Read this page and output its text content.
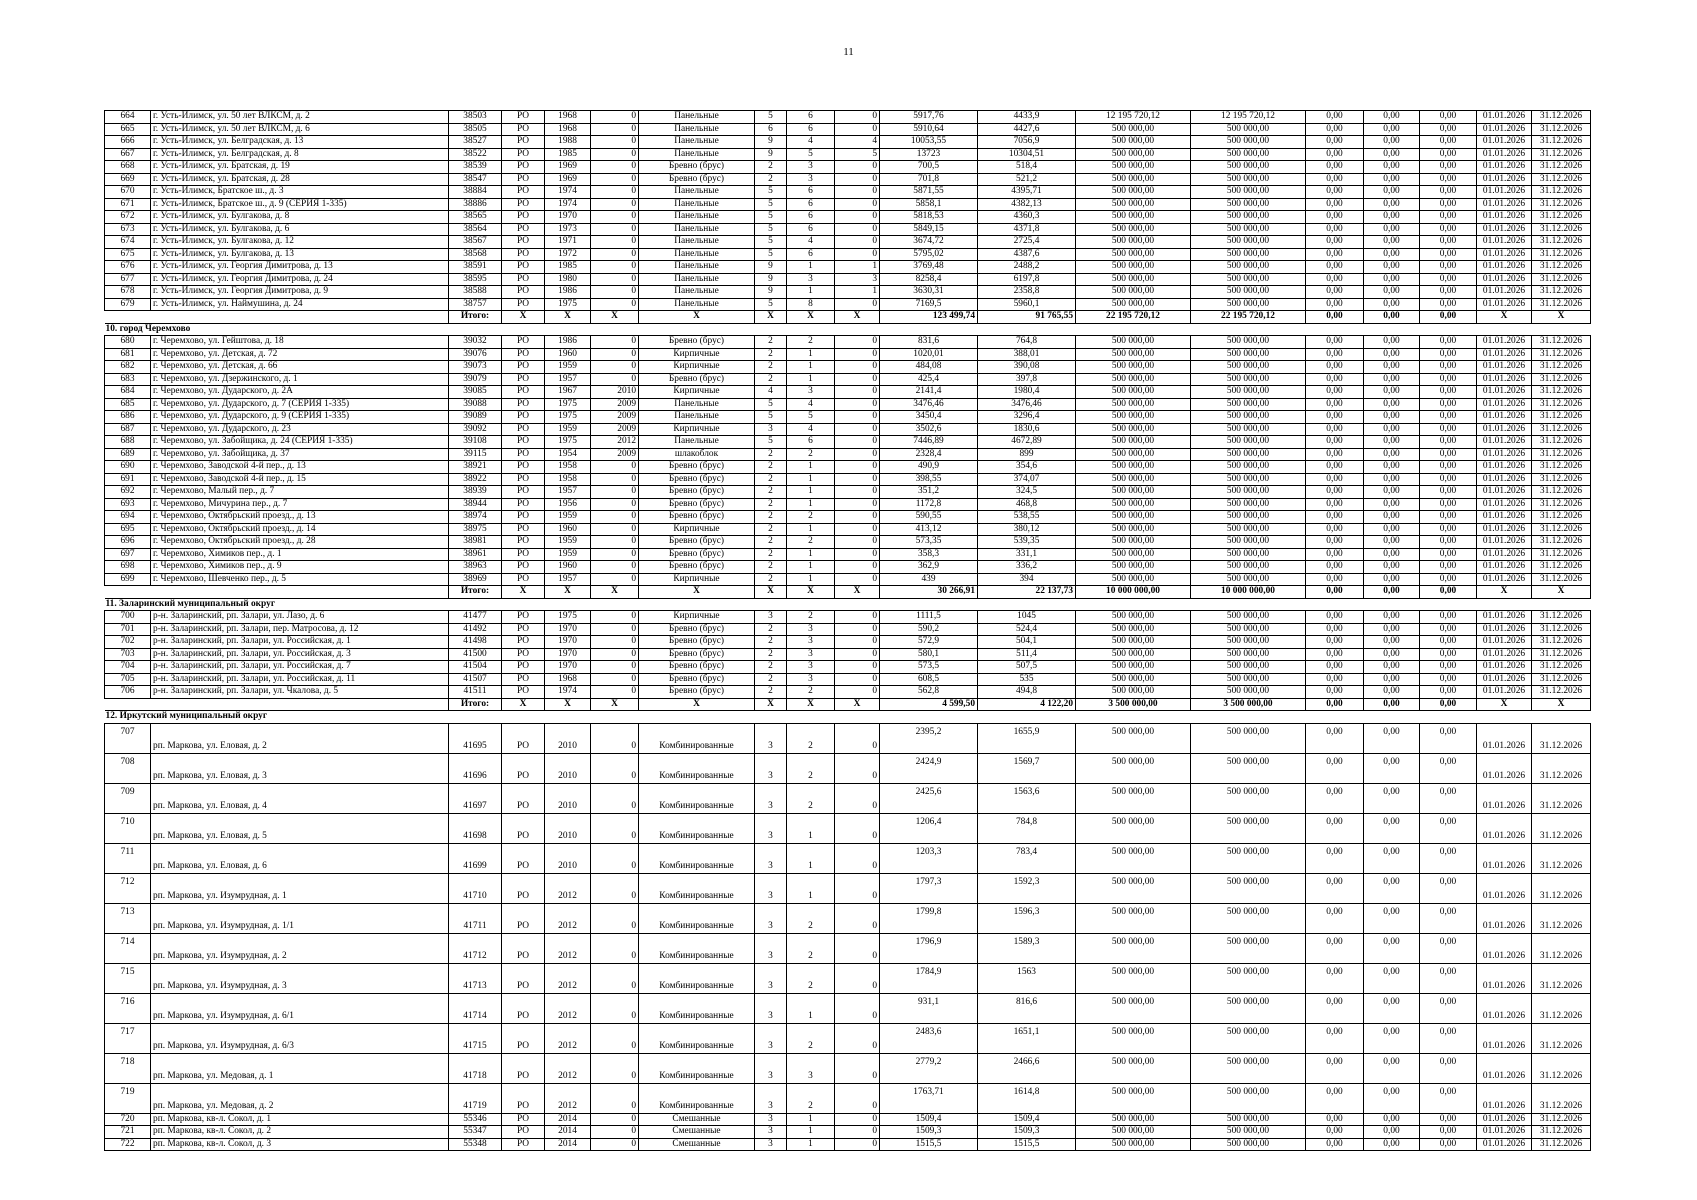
11
664	г. Усть-Илимск, ул. 50 лет ВЛКСМ, д. 2	38503	РО	1968	0	Панельные	5	6	0	5917,76	4433,9	12 195 720,12	12 195 720,12	0,00	0,00	0,00	01.01.2026	31.12.2026
665	г. Усть-Илимск, ул. 50 лет ВЛКСМ, д. 6	38505	РО	1968	0	Панельные	6	6	0	5910,64	4427,6	500 000,00	500 000,00	0,00	0,00	0,00	01.01.2026	31.12.2026
666	г. Усть-Илимск, ул. Белградская, д. 13	38527	РО	1988	0	Панельные	9	4	4	10053,55	7056,9	500 000,00	500 000,00	0,00	0,00	0,00	01.01.2026	31.12.2026
667	г. Усть-Илимск, ул. Белградская, д. 8	38522	РО	1985	0	Панельные	9	5	5	13723	10304,51	500 000,00	500 000,00	0,00	0,00	0,00	01.01.2026	31.12.2026
668	г. Усть-Илимск, ул. Братская, д. 19	38539	РО	1969	0	Бревно (брус)	2	3	0	700,5	518,4	500 000,00	500 000,00	0,00	0,00	0,00	01.01.2026	31.12.2026
669	г. Усть-Илимск, ул. Братская, д. 28	38547	РО	1969	0	Бревно (брус)	2	3	0	701,8	521,2	500 000,00	500 000,00	0,00	0,00	0,00	01.01.2026	31.12.2026
670	г. Усть-Илимск, Братское ш., д. 3	38884	РО	1974	0	Панельные	5	6	0	5871,55	4395,71	500 000,00	500 000,00	0,00	0,00	0,00	01.01.2026	31.12.2026
671	г. Усть-Илимск, Братское ш., д. 9 (СЕРИЯ 1-335)	38886	РО	1974	0	Панельные	5	6	0	5858,1	4382,13	500 000,00	500 000,00	0,00	0,00	0,00	01.01.2026	31.12.2026
672	г. Усть-Илимск, ул. Булгакова, д. 8	38565	РО	1970	0	Панельные	5	6	0	5818,53	4360,3	500 000,00	500 000,00	0,00	0,00	0,00	01.01.2026	31.12.2026
673	г. Усть-Илимск, ул. Булгакова, д. 6	38564	РО	1973	0	Панельные	5	6	0	5849,15	4371,8	500 000,00	500 000,00	0,00	0,00	0,00	01.01.2026	31.12.2026
674	г. Усть-Илимск, ул. Булгакова, д. 12	38567	РО	1971	0	Панельные	5	4	0	3674,72	2725,4	500 000,00	500 000,00	0,00	0,00	0,00	01.01.2026	31.12.2026
675	г. Усть-Илимск, ул. Булгакова, д. 13	38568	РО	1972	0	Панельные	5	6	0	5795,02	4387,6	500 000,00	500 000,00	0,00	0,00	0,00	01.01.2026	31.12.2026
676	г. Усть-Илимск, ул. Георгия Димитрова, д. 13	38591	РО	1985	0	Панельные	9	1	1	3769,48	2488,2	500 000,00	500 000,00	0,00	0,00	0,00	01.01.2026	31.12.2026
677	г. Усть-Илимск, ул. Георгия Димитрова, д. 24	38595	РО	1980	0	Панельные	9	3	3	8258,4	6197,8	500 000,00	500 000,00	0,00	0,00	0,00	01.01.2026	31.12.2026
678	г. Усть-Илимск, ул. Георгия Димитрова, д. 9	38588	РО	1986	0	Панельные	9	1	1	3630,31	2358,8	500 000,00	500 000,00	0,00	0,00	0,00	01.01.2026	31.12.2026
679	г. Усть-Илимск, ул. Наймушина, д. 24	38757	РО	1975	0	Панельные	5	8	0	7169,5	5960,1	500 000,00	500 000,00	0,00	0,00	0,00	01.01.2026	31.12.2026
		Итого:	X	X	X	X	X	X	X	123 499,74	91 765,55	22 195 720,12	22 195 720,12	0,00	0,00	0,00	X	X
10. город Черемхово																		
680	г. Черемхово, ул. Гейштова, д. 18	39032	РО	1986	0	Бревно (брус)	2	2	0	831,6	764,8	500 000,00	500 000,00	0,00	0,00	0,00	01.01.2026	31.12.2026
681	г. Черемхово, ул. Детская, д. 72	39076	РО	1960	0	Кирпичные	2	1	0	1020,01	388,01	500 000,00	500 000,00	0,00	0,00	0,00	01.01.2026	31.12.2026
682	г. Черемхово, ул. Детская, д. 66	39073	РО	1959	0	Кирпичные	2	1	0	484,08	390,08	500 000,00	500 000,00	0,00	0,00	0,00	01.01.2026	31.12.2026
683	г. Черемхово, ул. Дзержинского, д. 1	39079	РО	1957	0	Бревно (брус)	2	1	0	425,4	397,8	500 000,00	500 000,00	0,00	0,00	0,00	01.01.2026	31.12.2026
684	г. Черемхово, ул. Дударского, д. 2А	39085	РО	1967	2010	Кирпичные	4	3	0	2141,4	1980,4	500 000,00	500 000,00	0,00	0,00	0,00	01.01.2026	31.12.2026
685	г. Черемхово, ул. Дударского, д. 7 (СЕРИЯ 1-335)	39088	РО	1975	2009	Панельные	5	4	0	3476,46	3476,46	500 000,00	500 000,00	0,00	0,00	0,00	01.01.2026	31.12.2026
686	г. Черемхово, ул. Дударского, д. 9 (СЕРИЯ 1-335)	39089	РО	1975	2009	Панельные	5	5	0	3450,4	3296,4	500 000,00	500 000,00	0,00	0,00	0,00	01.01.2026	31.12.2026
687	г. Черемхово, ул. Дударского, д. 23	39092	РО	1959	2009	Кирпичные	3	4	0	3502,6	1830,6	500 000,00	500 000,00	0,00	0,00	0,00	01.01.2026	31.12.2026
688	г. Черемхово, ул. Забойщика, д. 24 (СЕРИЯ 1-335)	39108	РО	1975	2012	Панельные	5	6	0	7446,89	4672,89	500 000,00	500 000,00	0,00	0,00	0,00	01.01.2026	31.12.2026
689	г. Черемхово, ул. Забойщика, д. 37	39115	РО	1954	2009	шлакоблок	2	2	0	2328,4	899	500 000,00	500 000,00	0,00	0,00	0,00	01.01.2026	31.12.2026
690	г. Черемхово, Заводской 4-й пер., д. 13	38921	РО	1958	0	Бревно (брус)	2	1	0	490,9	354,6	500 000,00	500 000,00	0,00	0,00	0,00	01.01.2026	31.12.2026
691	г. Черемхово, Заводской 4-й пер., д. 15	38922	РО	1958	0	Бревно (брус)	2	1	0	398,55	374,07	500 000,00	500 000,00	0,00	0,00	0,00	01.01.2026	31.12.2026
692	г. Черемхово, Малый пер., д. 7	38939	РО	1957	0	Бревно (брус)	2	1	0	351,2	324,5	500 000,00	500 000,00	0,00	0,00	0,00	01.01.2026	31.12.2026
693	г. Черемхово, Мичурина пер., д. 7	38944	РО	1956	0	Бревно (брус)	2	1	0	1172,8	468,8	500 000,00	500 000,00	0,00	0,00	0,00	01.01.2026	31.12.2026
694	г. Черемхово, Октябрьский проезд., д. 13	38974	РО	1959	0	Бревно (брус)	2	2	0	590,55	538,55	500 000,00	500 000,00	0,00	0,00	0,00	01.01.2026	31.12.2026
695	г. Черемхово, Октябрьский проезд., д. 14	38975	РО	1960	0	Кирпичные	2	1	0	413,12	380,12	500 000,00	500 000,00	0,00	0,00	0,00	01.01.2026	31.12.2026
696	г. Черемхово, Октябрьский проезд., д. 28	38981	РО	1959	0	Бревно (брус)	2	2	0	573,35	539,35	500 000,00	500 000,00	0,00	0,00	0,00	01.01.2026	31.12.2026
697	г. Черемхово, Химиков пер., д. 1	38961	РО	1959	0	Бревно (брус)	2	1	0	358,3	331,1	500 000,00	500 000,00	0,00	0,00	0,00	01.01.2026	31.12.2026
698	г. Черемхово, Химиков пер., д. 9	38963	РО	1960	0	Бревно (брус)	2	1	0	362,9	336,2	500 000,00	500 000,00	0,00	0,00	0,00	01.01.2026	31.12.2026
699	г. Черемхово, Шевченко пер., д. 5	38969	РО	1957	0	Кирпичные	2	1	0	439	394	500 000,00	500 000,00	0,00	0,00	0,00	01.01.2026	31.12.2026
		Итого:	X	X	X	X	X	X	X	30 266,91	22 137,73	10 000 000,00	10 000 000,00	0,00	0,00	0,00	X	X
11. Заларинский муниципальный округ																		
700	р-н. Заларинский, рп. Залари, ул. Лазо, д. 6	41477	РО	1975	0	Кирпичные	3	2	0	1111,5	1045	500 000,00	500 000,00	0,00	0,00	0,00	01.01.2026	31.12.2026
701	р-н. Заларинский, рп. Залари, пер. Матросова, д. 12	41492	РО	1970	0	Бревно (брус)	2	3	0	590,2	524,4	500 000,00	500 000,00	0,00	0,00	0,00	01.01.2026	31.12.2026
702	р-н. Заларинский, рп. Залари, ул. Российская, д. 1	41498	РО	1970	0	Бревно (брус)	2	3	0	572,9	504,1	500 000,00	500 000,00	0,00	0,00	0,00	01.01.2026	31.12.2026
703	р-н. Заларинский, рп. Залари, ул. Российская, д. 3	41500	РО	1970	0	Бревно (брус)	2	3	0	580,1	511,4	500 000,00	500 000,00	0,00	0,00	0,00	01.01.2026	31.12.2026
704	р-н. Заларинский, рп. Залари, ул. Российская, д. 7	41504	РО	1970	0	Бревно (брус)	2	3	0	573,5	507,5	500 000,00	500 000,00	0,00	0,00	0,00	01.01.2026	31.12.2026
705	р-н. Заларинский, рп. Залари, ул. Российская, д. 11	41507	РО	1968	0	Бревно (брус)	2	3	0	608,5	535	500 000,00	500 000,00	0,00	0,00	0,00	01.01.2026	31.12.2026
706	р-н. Заларинский, рп. Залари, ул. Чкалова, д. 5	41511	РО	1974	0	Бревно (брус)	2	2	0	562,8	494,8	500 000,00	500 000,00	0,00	0,00	0,00	01.01.2026	31.12.2026
		Итого:	X	X	X	X	X	X	X	4 599,50	4 122,20	3 500 000,00	3 500 000,00	0,00	0,00	0,00	X	X
12. Иркутский муниципальный округ																		
707	рп. Маркова, ул. Еловая, д. 2	41695	РО	2010	0	Комбинированные	3	2	0	2395,2	1655,9	500 000,00	500 000,00	0,00	0,00	0,00	01.01.2026	31.12.2026
708	рп. Маркова, ул. Еловая, д. 3	41696	РО	2010	0	Комбинированные	3	2	0	2424,9	1569,7	500 000,00	500 000,00	0,00	0,00	0,00	01.01.2026	31.12.2026
709	рп. Маркова, ул. Еловая, д. 4	41697	РО	2010	0	Комбинированные	3	2	0	2425,6	1563,6	500 000,00	500 000,00	0,00	0,00	0,00	01.01.2026	31.12.2026
710	рп. Маркова, ул. Еловая, д. 5	41698	РО	2010	0	Комбинированные	3	1	0	1206,4	784,8	500 000,00	500 000,00	0,00	0,00	0,00	01.01.2026	31.12.2026
711	рп. Маркова, ул. Еловая, д. 6	41699	РО	2010	0	Комбинированные	3	1	0	1203,3	783,4	500 000,00	500 000,00	0,00	0,00	0,00	01.01.2026	31.12.2026
712	рп. Маркова, ул. Изумрудная, д. 1	41710	РО	2012	0	Комбинированные	3	1	0	1797,3	1592,3	500 000,00	500 000,00	0,00	0,00	0,00	01.01.2026	31.12.2026
713	рп. Маркова, ул. Изумрудная, д. 1/1	41711	РО	2012	0	Комбинированные	3	2	0	1799,8	1596,3	500 000,00	500 000,00	0,00	0,00	0,00	01.01.2026	31.12.2026
714	рп. Маркова, ул. Изумрудная, д. 2	41712	РО	2012	0	Комбинированные	3	2	0	1796,9	1589,3	500 000,00	500 000,00	0,00	0,00	0,00	01.01.2026	31.12.2026
715	рп. Маркова, ул. Изумрудная, д. 3	41713	РО	2012	0	Комбинированные	3	2	0	1784,9	1563	500 000,00	500 000,00	0,00	0,00	0,00	01.01.2026	31.12.2026
716	рп. Маркова, ул. Изумрудная, д. 6/1	41714	РО	2012	0	Комбинированные	3	1	0	931,1	816,6	500 000,00	500 000,00	0,00	0,00	0,00	01.01.2026	31.12.2026
717	рп. Маркова, ул. Изумрудная, д. 6/3	41715	РО	2012	0	Комбинированные	3	2	0	2483,6	1651,1	500 000,00	500 000,00	0,00	0,00	0,00	01.01.2026	31.12.2026
718	рп. Маркова, ул. Медовая, д. 1	41718	РО	2012	0	Комбинированные	3	3	0	2779,2	2466,6	500 000,00	500 000,00	0,00	0,00	0,00	01.01.2026	31.12.2026
719	рп. Маркова, ул. Медовая, д. 2	41719	РО	2012	0	Комбинированные	3	2	0	1763,71	1614,8	500 000,00	500 000,00	0,00	0,00	0,00	01.01.2026	31.12.2026
720	рп. Маркова, кв-л. Сокол, д. 1	55346	РО	2014	0	Смешанные	3	1	0	1509,4	1509,4	500 000,00	500 000,00	0,00	0,00	0,00	01.01.2026	31.12.2026
721	рп. Маркова, кв-л. Сокол, д. 2	55347	РО	2014	0	Смешанные	3	1	0	1509,3	1509,3	500 000,00	500 000,00	0,00	0,00	0,00	01.01.2026	31.12.2026
722	рп. Маркова, кв-л. Сокол, д. 3	55348	РО	2014	0	Смешанные	3	1	0	1515,5	1515,5	500 000,00	500 000,00	0,00	0,00	0,00	01.01.2026	31.12.2026
